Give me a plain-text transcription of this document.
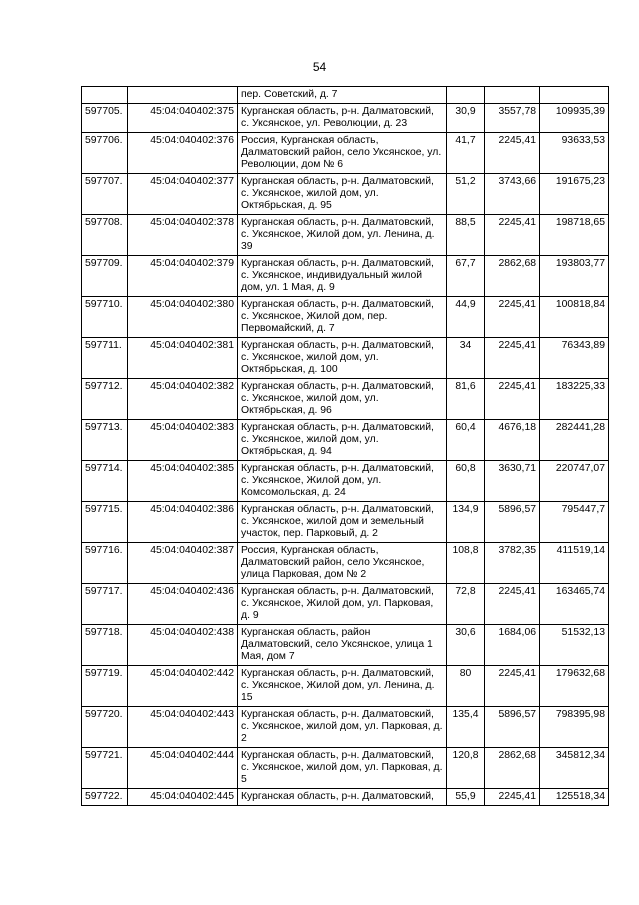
54
		пер. Советский, д. 7			
597705.	45:04:040402:375	Курганская область, р-н. Далматовский, с. Уксянское, ул. Революции, д. 23	30,9	3557,78	109935,39
597706.	45:04:040402:376	Россия, Курганская область, Далматовский район, село Уксянское, ул. Революции, дом № 6	41,7	2245,41	93633,53
597707.	45:04:040402:377	Курганская область, р-н. Далматовский, с. Уксянское, жилой дом, ул. Октябрьская, д. 95	51,2	3743,66	191675,23
597708.	45:04:040402:378	Курганская область, р-н. Далматовский, с. Уксянское, Жилой дом, ул. Ленина, д. 39	88,5	2245,41	198718,65
597709.	45:04:040402:379	Курганская область, р-н. Далматовский, с. Уксянское, индивидуальный жилой дом, ул. 1 Мая, д. 9	67,7	2862,68	193803,77
597710.	45:04:040402:380	Курганская область, р-н. Далматовский, с. Уксянское, Жилой дом, пер. Первомайский, д. 7	44,9	2245,41	100818,84
597711.	45:04:040402:381	Курганская область, р-н. Далматовский, с. Уксянское, жилой дом, ул. Октябрьская, д. 100	34	2245,41	76343,89
597712.	45:04:040402:382	Курганская область, р-н. Далматовский, с. Уксянское, жилой дом, ул. Октябрьская, д. 96	81,6	2245,41	183225,33
597713.	45:04:040402:383	Курганская область, р-н. Далматовский, с. Уксянское, жилой дом, ул. Октябрьская, д. 94	60,4	4676,18	282441,28
597714.	45:04:040402:385	Курганская область, р-н. Далматовский, с. Уксянское, Жилой дом, ул. Комсомольская, д. 24	60,8	3630,71	220747,07
597715.	45:04:040402:386	Курганская область, р-н. Далматовский, с. Уксянское, жилой дом и земельный участок, пер. Парковый, д. 2	134,9	5896,57	795447,7
597716.	45:04:040402:387	Россия, Курганская область, Далматовский район, село Уксянское, улица Парковая, дом № 2	108,8	3782,35	411519,14
597717.	45:04:040402:436	Курганская область, р-н. Далматовский, с. Уксянское, Жилой дом, ул. Парковая, д. 9	72,8	2245,41	163465,74
597718.	45:04:040402:438	Курганская область, район Далматовский, село Уксянское, улица 1 Мая, дом 7	30,6	1684,06	51532,13
597719.	45:04:040402:442	Курганская область, р-н. Далматовский, с. Уксянское, Жилой дом, ул. Ленина, д. 15	80	2245,41	179632,68
597720.	45:04:040402:443	Курганская область, р-н. Далматовский, с. Уксянское, жилой дом, ул. Парковая, д. 2	135,4	5896,57	798395,98
597721.	45:04:040402:444	Курганская область, р-н. Далматовский, с. Уксянское, жилой дом, ул. Парковая, д. 5	120,8	2862,68	345812,34
597722.	45:04:040402:445	Курганская область, р-н. Далматовский,	55,9	2245,41	125518,34
